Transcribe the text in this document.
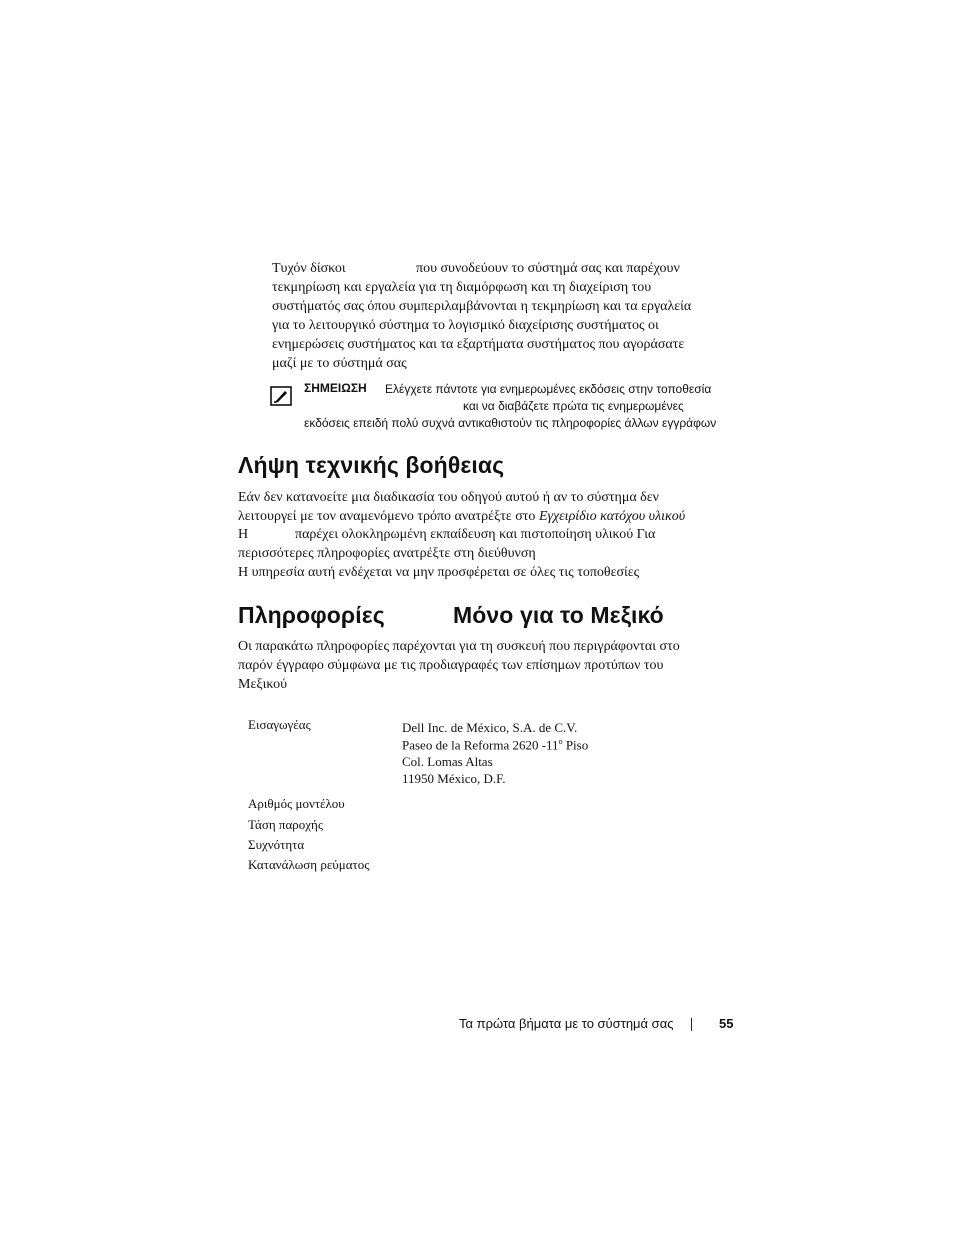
Τυχόν δίσκοι	που συνοδεύουν το σύστημά σας και παρέχουν
τεκμηρίωση και εργαλεία για τη διαμόρφωση και τη διαχείριση του
συστήματός σας όπου συμπεριλαμβάνονται η τεκμηρίωση και τα εργαλεία
για το λειτουργικό σύστημα το λογισμικό διαχείρισης συστήματος οι
ενημερώσεις συστήματος και τα εξαρτήματα συστήματος που αγοράσατε
μαζί με το σύστημά σας
ΣΗΜΕΙΩΣΗ Ελέγχετε πάντοτε για ενημερωμένες εκδόσεις στην τοποθεσία
και να διαβάζετε πρώτα τις ενημερωμένες
εκδόσεις επειδή πολύ συχνά αντικαθιστούν τις πληροφορίες άλλων εγγράφων
Λήψη τεχνικής βοήθειας
Εάν δεν κατανοείτε μια διαδικασία του οδηγού αυτού ή αν το σύστημα δεν
λειτουργεί με τον αναμενόμενο τρόπο ανατρέξτε στο Εγχειρίδιο κατόχου υλικού
Η	παρέχει ολοκληρωμένη εκπαίδευση και πιστοποίηση υλικού Για
περισσότερες πληροφορίες ανατρέξτε στη διεύθυνση
Η υπηρεσία αυτή ενδέχεται να μην προσφέρεται σε όλες τις τοποθεσίες
Πληροφορίες	Μόνο για το Μεξικό
Οι παρακάτω πληροφορίες παρέχονται για τη συσκευή που περιγράφονται στο
παρόν έγγραφο σύμφωνα με τις προδιαγραφές των επίσημων προτύπων του
Μεξικού
Εισαγωγέας	Dell Inc. de México, S.A. de C.V.
Paseo de la Reforma 2620 -11$^o$ Piso
Col. Lomas Altas
11950 México, D.F.
Αριθμός μοντέλου
Τάση παροχής
Συχνότητα
Κατανάλωση ρεύματος
Τα πρώτα βήματα με το σύστημά σας	55
